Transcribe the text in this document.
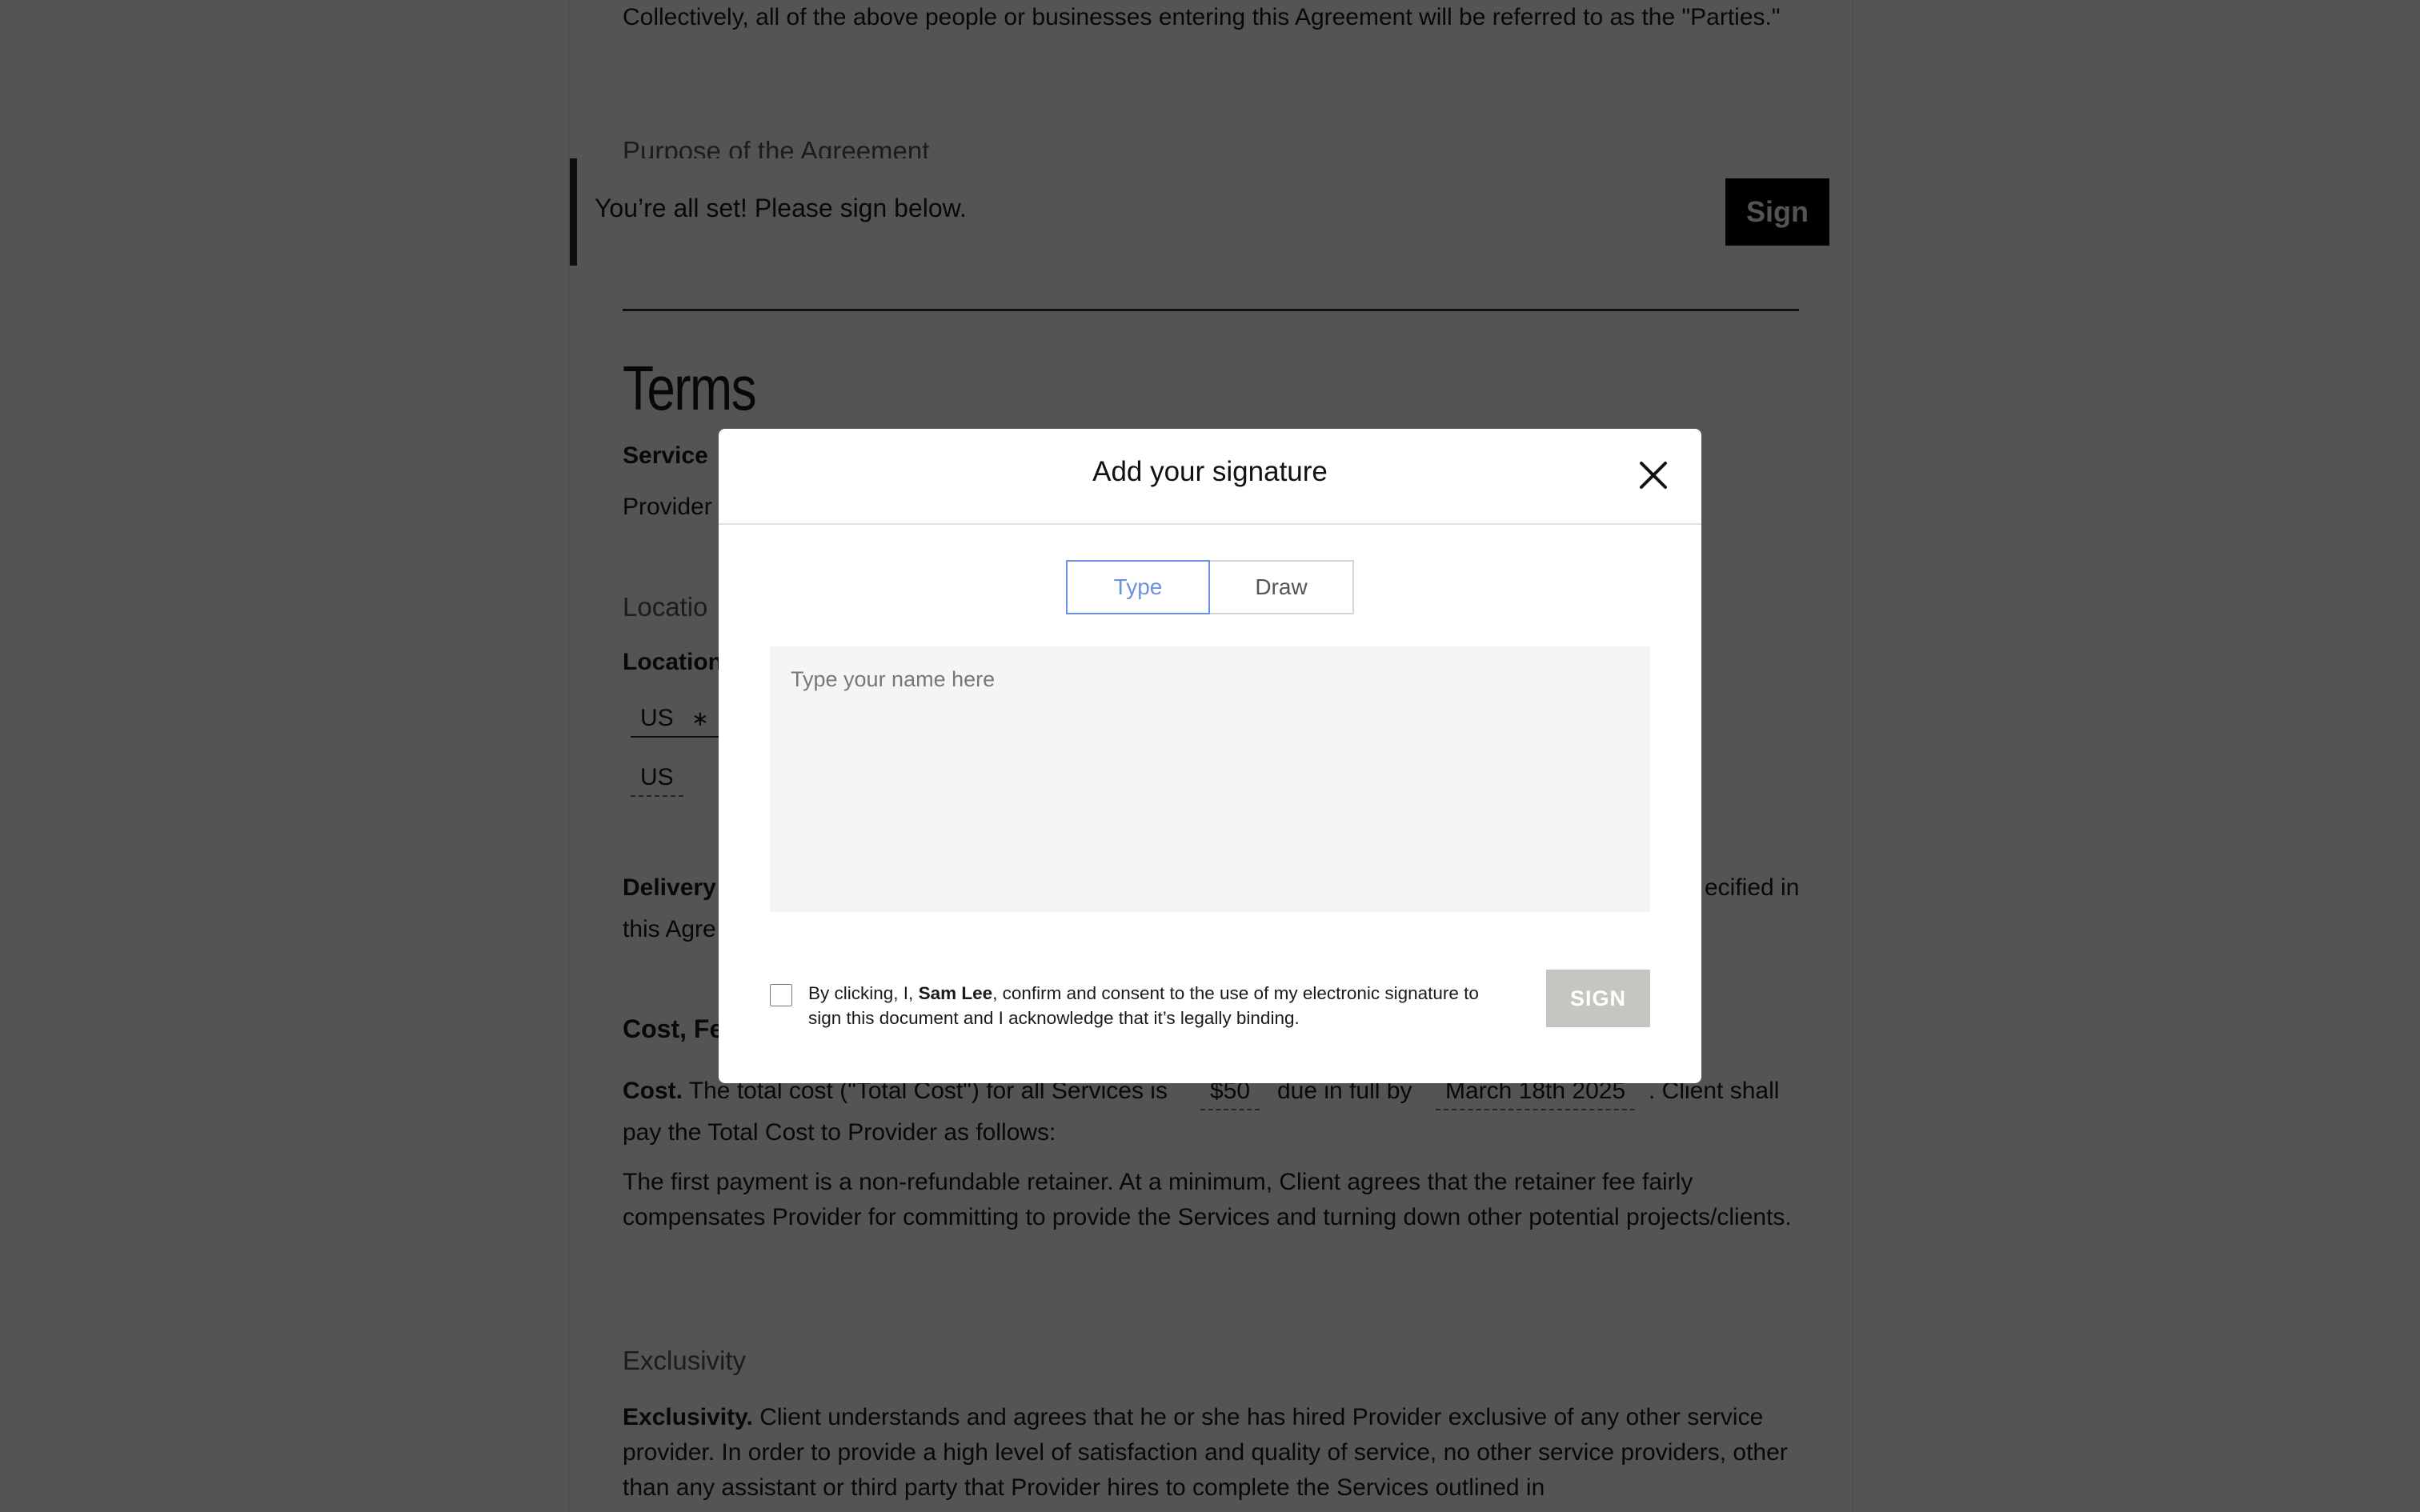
Add your signature
Type	Draw
Type your name here
By clicking, I, Sam Lee, confirm and consent to the use of my electronic signature to sign this document and I acknowledge that it’s legally binding.
SIGN
